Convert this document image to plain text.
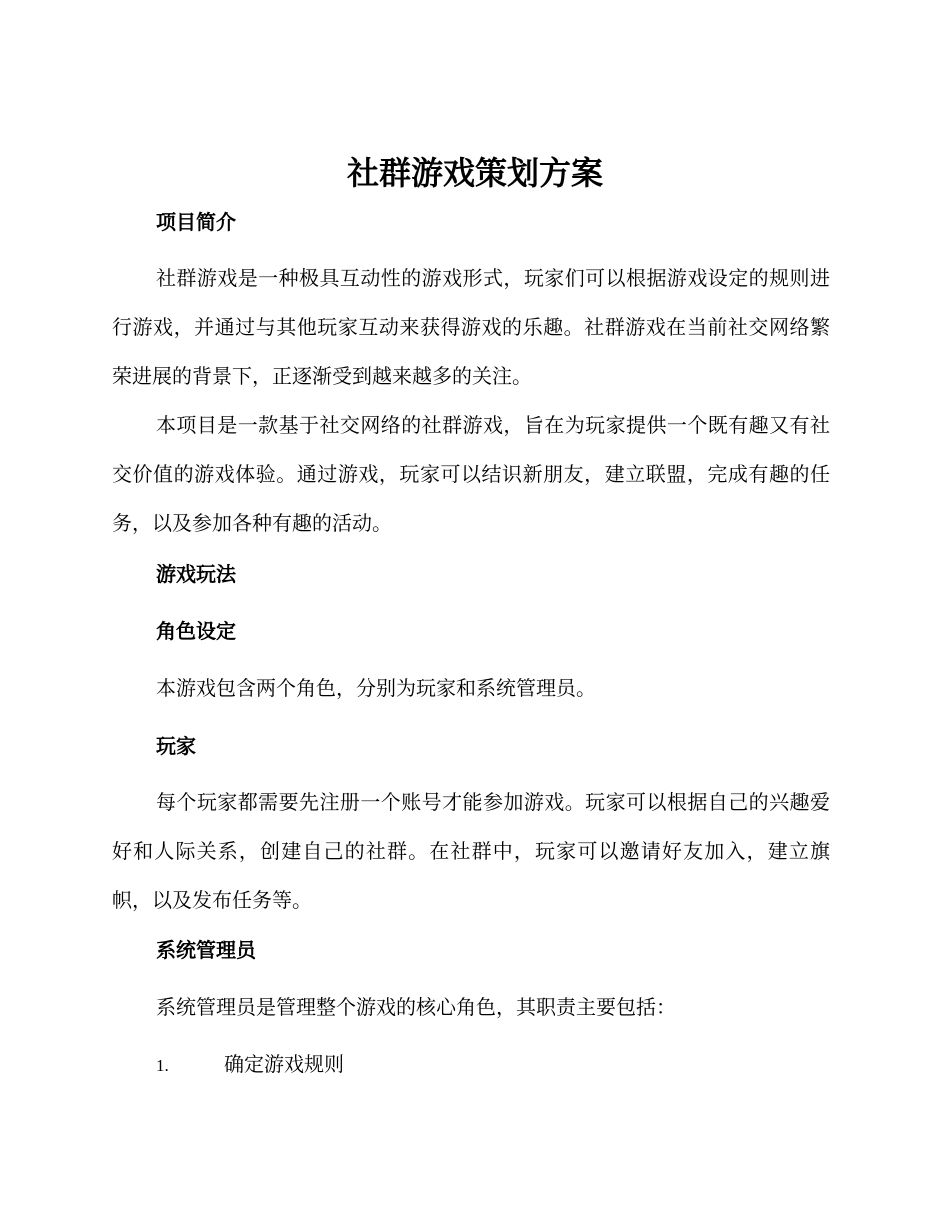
社群游戏策划方案
项目简介

社群游戏是一种极具互动性的游戏形式，玩家们可以根据游戏设定的规则进行游戏，并通过与其他玩家互动来获得游戏的乐趣。社群游戏在当前社交网络繁荣进展的背景下，正逐渐受到越来越多的关注。

本项目是一款基于社交网络的社群游戏，旨在为玩家提供一个既有趣又有社交价值的游戏体验。通过游戏，玩家可以结识新朋友，建立联盟，完成有趣的任务，以及参加各种有趣的活动。

游戏玩法
角色设定

本游戏包含两个角色，分别为玩家和系统管理员。

玩家

每个玩家都需要先注册一个账号才能参加游戏。玩家可以根据自己的兴趣爱好和人际关系，创建自己的社群。在社群中，玩家可以邀请好友加入，建立旗帜，以及发布任务等。

系统管理员

系统管理员是管理整个游戏的核心角色，其职责主要包括：

1.	确定游戏规则
